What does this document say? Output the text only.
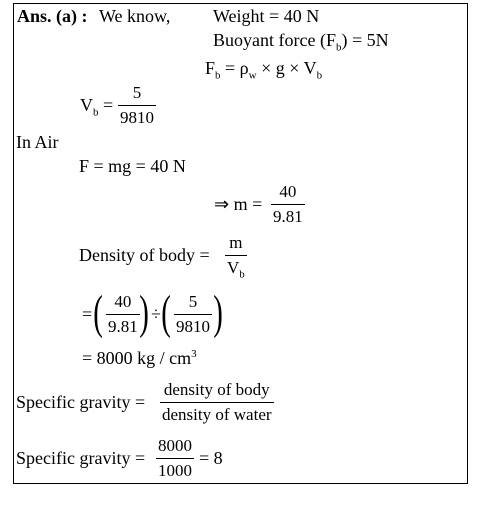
Ans. (a) : We know, Weight = 40 N
Buoyant force $(F_b) = 5N$
$F_b = \rho_w \times g \times V_b$
$V_b$ =
5
9810
In Air
F = mg = 40 N
⇒ m =
40
9.81
Density of body =
m
$V_b$
= ( 40
9.81 ) ÷ ( 5
9810 )
= 8000 kg / $cm^3$
Specific gravity =
density of body
density of water
Specific gravity =
8000
1000
= 8
